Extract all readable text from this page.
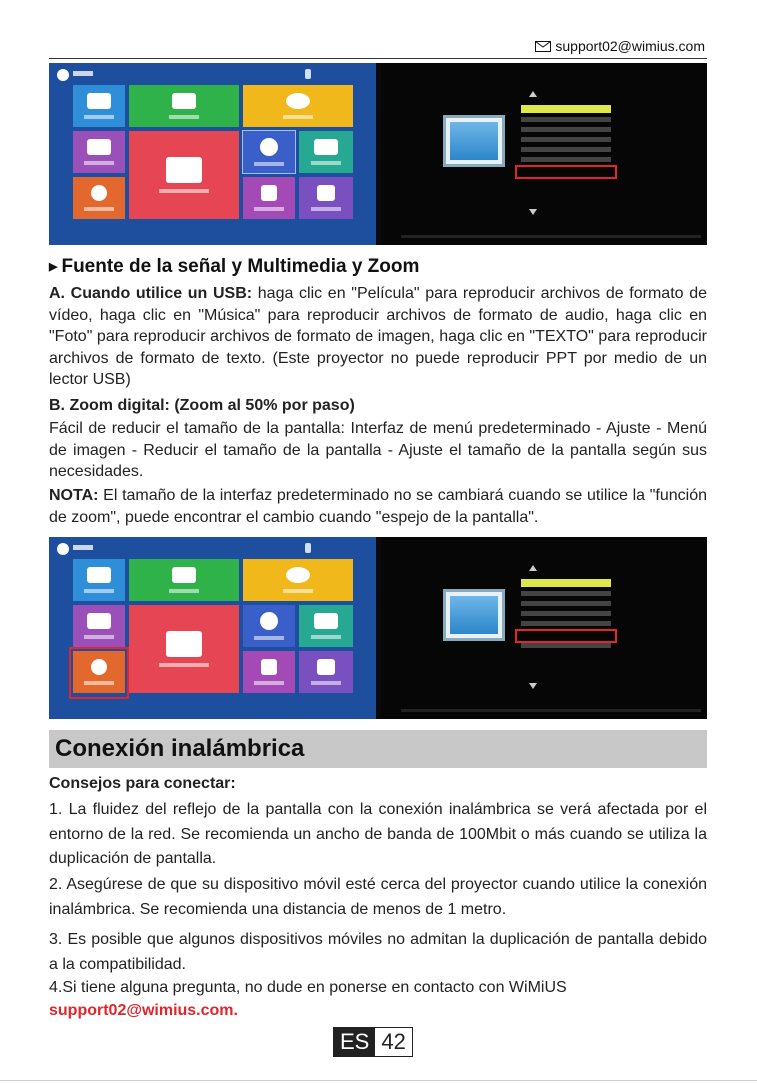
support02@wimius.com
▶ Fuente de la señal y Multimedia y Zoom
A. Cuando utilice un USB: haga clic en "Película" para reproducir archivos de formato de vídeo, haga clic en "Música" para reproducir archivos de formato de audio, haga clic en "Foto" para reproducir archivos de formato de imagen, haga clic en "TEXTO" para reproducir archivos de formato de texto. (Este proyector no puede reproducir PPT por medio de un lector USB)
B. Zoom digital: (Zoom al 50% por paso)
Fácil de reducir el tamaño de la pantalla: Interfaz de menú predeterminado - Ajuste - Menú de imagen - Reducir el tamaño de la pantalla - Ajuste el tamaño de la pantalla según sus necesidades.
NOTA: El tamaño de la interfaz predeterminado no se cambiará cuando se utilice la "función de zoom", puede encontrar el cambio cuando "espejo de la pantalla".
Conexión inalámbrica
Consejos para conectar:
1. La fluidez del reflejo de la pantalla con la conexión inalámbrica se verá afectada por el entorno de la red. Se recomienda un ancho de banda de 100Mbit o más cuando se utiliza la duplicación de pantalla.
2. Asegúrese de que su dispositivo móvil esté cerca del proyector cuando utilice la conexión inalámbrica. Se recomienda una distancia de menos de 1 metro.
3. Es posible que algunos dispositivos móviles no admitan la duplicación de pantalla debido a la compatibilidad.
4.Si tiene alguna pregunta, no dude en ponerse en contacto con WiMiUS
support02@wimius.com.
ES 42
